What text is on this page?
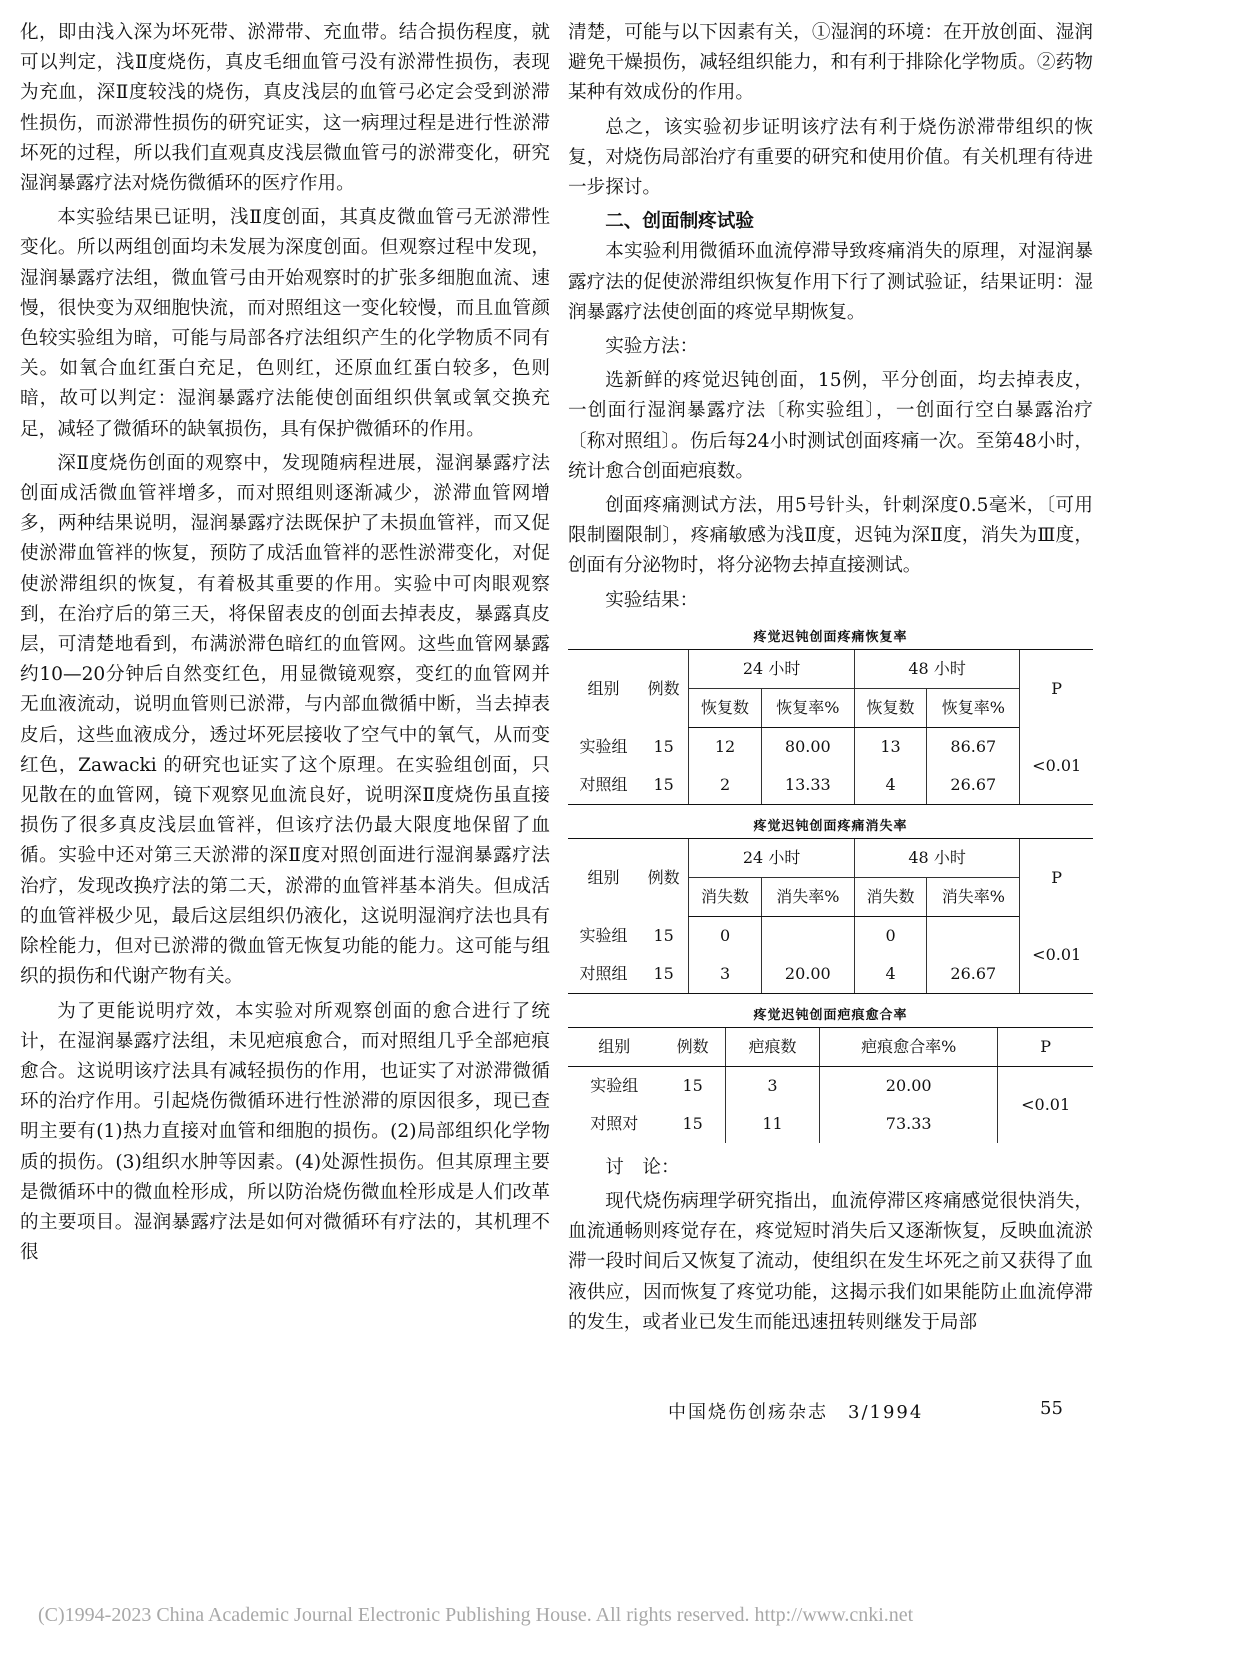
化，即由浅入深为坏死带、淤滞带、充血带。结合损伤程度，就可以判定，浅Ⅱ度烧伤，真皮毛细血管弓没有淤滞性损伤，表现为充血，深Ⅱ度较浅的烧伤，真皮浅层的血管弓必定会受到淤滞性损伤，而淤滞性损伤的研究证实，这一病理过程是进行性淤滞坏死的过程，所以我们直观真皮浅层微血管弓的淤滞变化，研究湿润暴露疗法对烧伤微循环的医疗作用。

本实验结果已证明，浅Ⅱ度创面，其真皮微血管弓无淤滞性变化。所以两组创面均未发展为深度创面。但观察过程中发现，湿润暴露疗法组，微血管弓由开始观察时的扩张多细胞血流、速慢，很快变为双细胞快流，而对照组这一变化较慢，而且血管颜色较实验组为暗，可能与局部各疗法组织产生的化学物质不同有关。如氧合血红蛋白充足，色则红，还原血红蛋白较多，色则暗，故可以判定：湿润暴露疗法能使创面组织供氧或氧交换充足，减轻了微循环的缺氧损伤，具有保护微循环的作用。

深Ⅱ度烧伤创面的观察中，发现随病程进展，湿润暴露疗法创面成活微血管袢增多，而对照组则逐渐减少，淤滞血管网增多，两种结果说明，湿润暴露疗法既保护了未损血管袢，而又促使淤滞血管袢的恢复，预防了成活血管袢的恶性淤滞变化，对促使淤滞组织的恢复，有着极其重要的作用。实验中可肉眼观察到，在治疗后的第三天，将保留表皮的创面去掉表皮，暴露真皮层，可清楚地看到，布满淤滞色暗红的血管网。这些血管网暴露约10—20分钟后自然变红色，用显微镜观察，变红的血管网并无血液流动，说明血管则已淤滞，与内部血微循中断，当去掉表皮后，这些血液成分，透过坏死层接收了空气中的氧气，从而变红色，Zawacki 的研究也证实了这个原理。在实验组创面，只见散在的血管网，镜下观察见血流良好，说明深Ⅱ度烧伤虽直接损伤了很多真皮浅层血管袢，但该疗法仍最大限度地保留了血循。实验中还对第三天淤滞的深Ⅱ度对照创面进行湿润暴露疗法治疗，发现改换疗法的第二天，淤滞的血管袢基本消失。但成活的血管袢极少见，最后这层组织仍液化，这说明湿润疗法也具有除栓能力，但对已淤滞的微血管无恢复功能的能力。这可能与组织的损伤和代谢产物有关。

为了更能说明疗效，本实验对所观察创面的愈合进行了统计，在湿润暴露疗法组，未见疤痕愈合，而对照组几乎全部疤痕愈合。这说明该疗法具有减轻损伤的作用，也证实了对淤滞微循环的治疗作用。引起烧伤微循环进行性淤滞的原因很多，现已查明主要有(1)热力直接对血管和细胞的损伤。(2)局部组织化学物质的损伤。(3)组织水肿等因素。(4)处源性损伤。但其原理主要是微循环中的微血栓形成，所以防治烧伤微血栓形成是人们改革的主要项目。湿润暴露疗法是如何对微循环有疗法的，其机理不很

清楚，可能与以下因素有关，①湿润的环境：在开放创面、湿润避免干燥损伤，减轻组织能力，和有利于排除化学物质。②药物某种有效成份的作用。

总之，该实验初步证明该疗法有利于烧伤淤滞带组织的恢复，对烧伤局部治疗有重要的研究和使用价值。有关机理有待进一步探讨。

二、创面制疼试验

本实验利用微循环血流停滞导致疼痛消失的原理，对湿润暴露疗法的促使淤滞组织恢复作用下行了测试验证，结果证明：湿润暴露疗法使创面的疼觉早期恢复。

实验方法：

选新鲜的疼觉迟钝创面，15例，平分创面，均去掉表皮，一创面行湿润暴露疗法〔称实验组〕，一创面行空白暴露治疗〔称对照组〕。伤后每24小时测试创面疼痛一次。至第48小时，统计愈合创面疤痕数。

创面疼痛测试方法，用5号针头，针刺深度0.5毫米，〔可用限制圈限制〕，疼痛敏感为浅Ⅱ度，迟钝为深Ⅱ度，消失为Ⅲ度，创面有分泌物时，将分泌物去掉直接测试。

实验结果：

疼觉迟钝创面疼痛恢复率
组别	例数	24 小时		48 小时		P
		恢复数	恢复率%	恢复数	恢复率%	
实验组	15	12	80.00	13	86.67	<0.01
对照组	15	2	13.33	4	26.67	
疼觉迟钝创面疼痛消失率
组别	例数	24 小时		48 小时		P
		消失数	消失率%	消失数	消失率%	
实验组	15	0		0		<0.01
对照组	15	3	20.00	4	26.67	
疼觉迟钝创面疤痕愈合率
组别	例数	疤痕数	疤痕愈合率%	P
实验组	15	3	20.00	<0.01
对照对	15	11	73.33	

讨　论：

现代烧伤病理学研究指出，血流停滞区疼痛感觉很快消失，血流通畅则疼觉存在，疼觉短时消失后又逐渐恢复，反映血流淤滞一段时间后又恢复了流动，使组织在发生坏死之前又获得了血液供应，因而恢复了疼觉功能，这揭示我们如果能防止血流停滞的发生，或者业已发生而能迅速扭转则继发于局部

中国烧伤创疡杂志　3/1994	55
(C)1994-2023 China Academic Journal Electronic Publishing House. All rights reserved. http://www.cnki.net
